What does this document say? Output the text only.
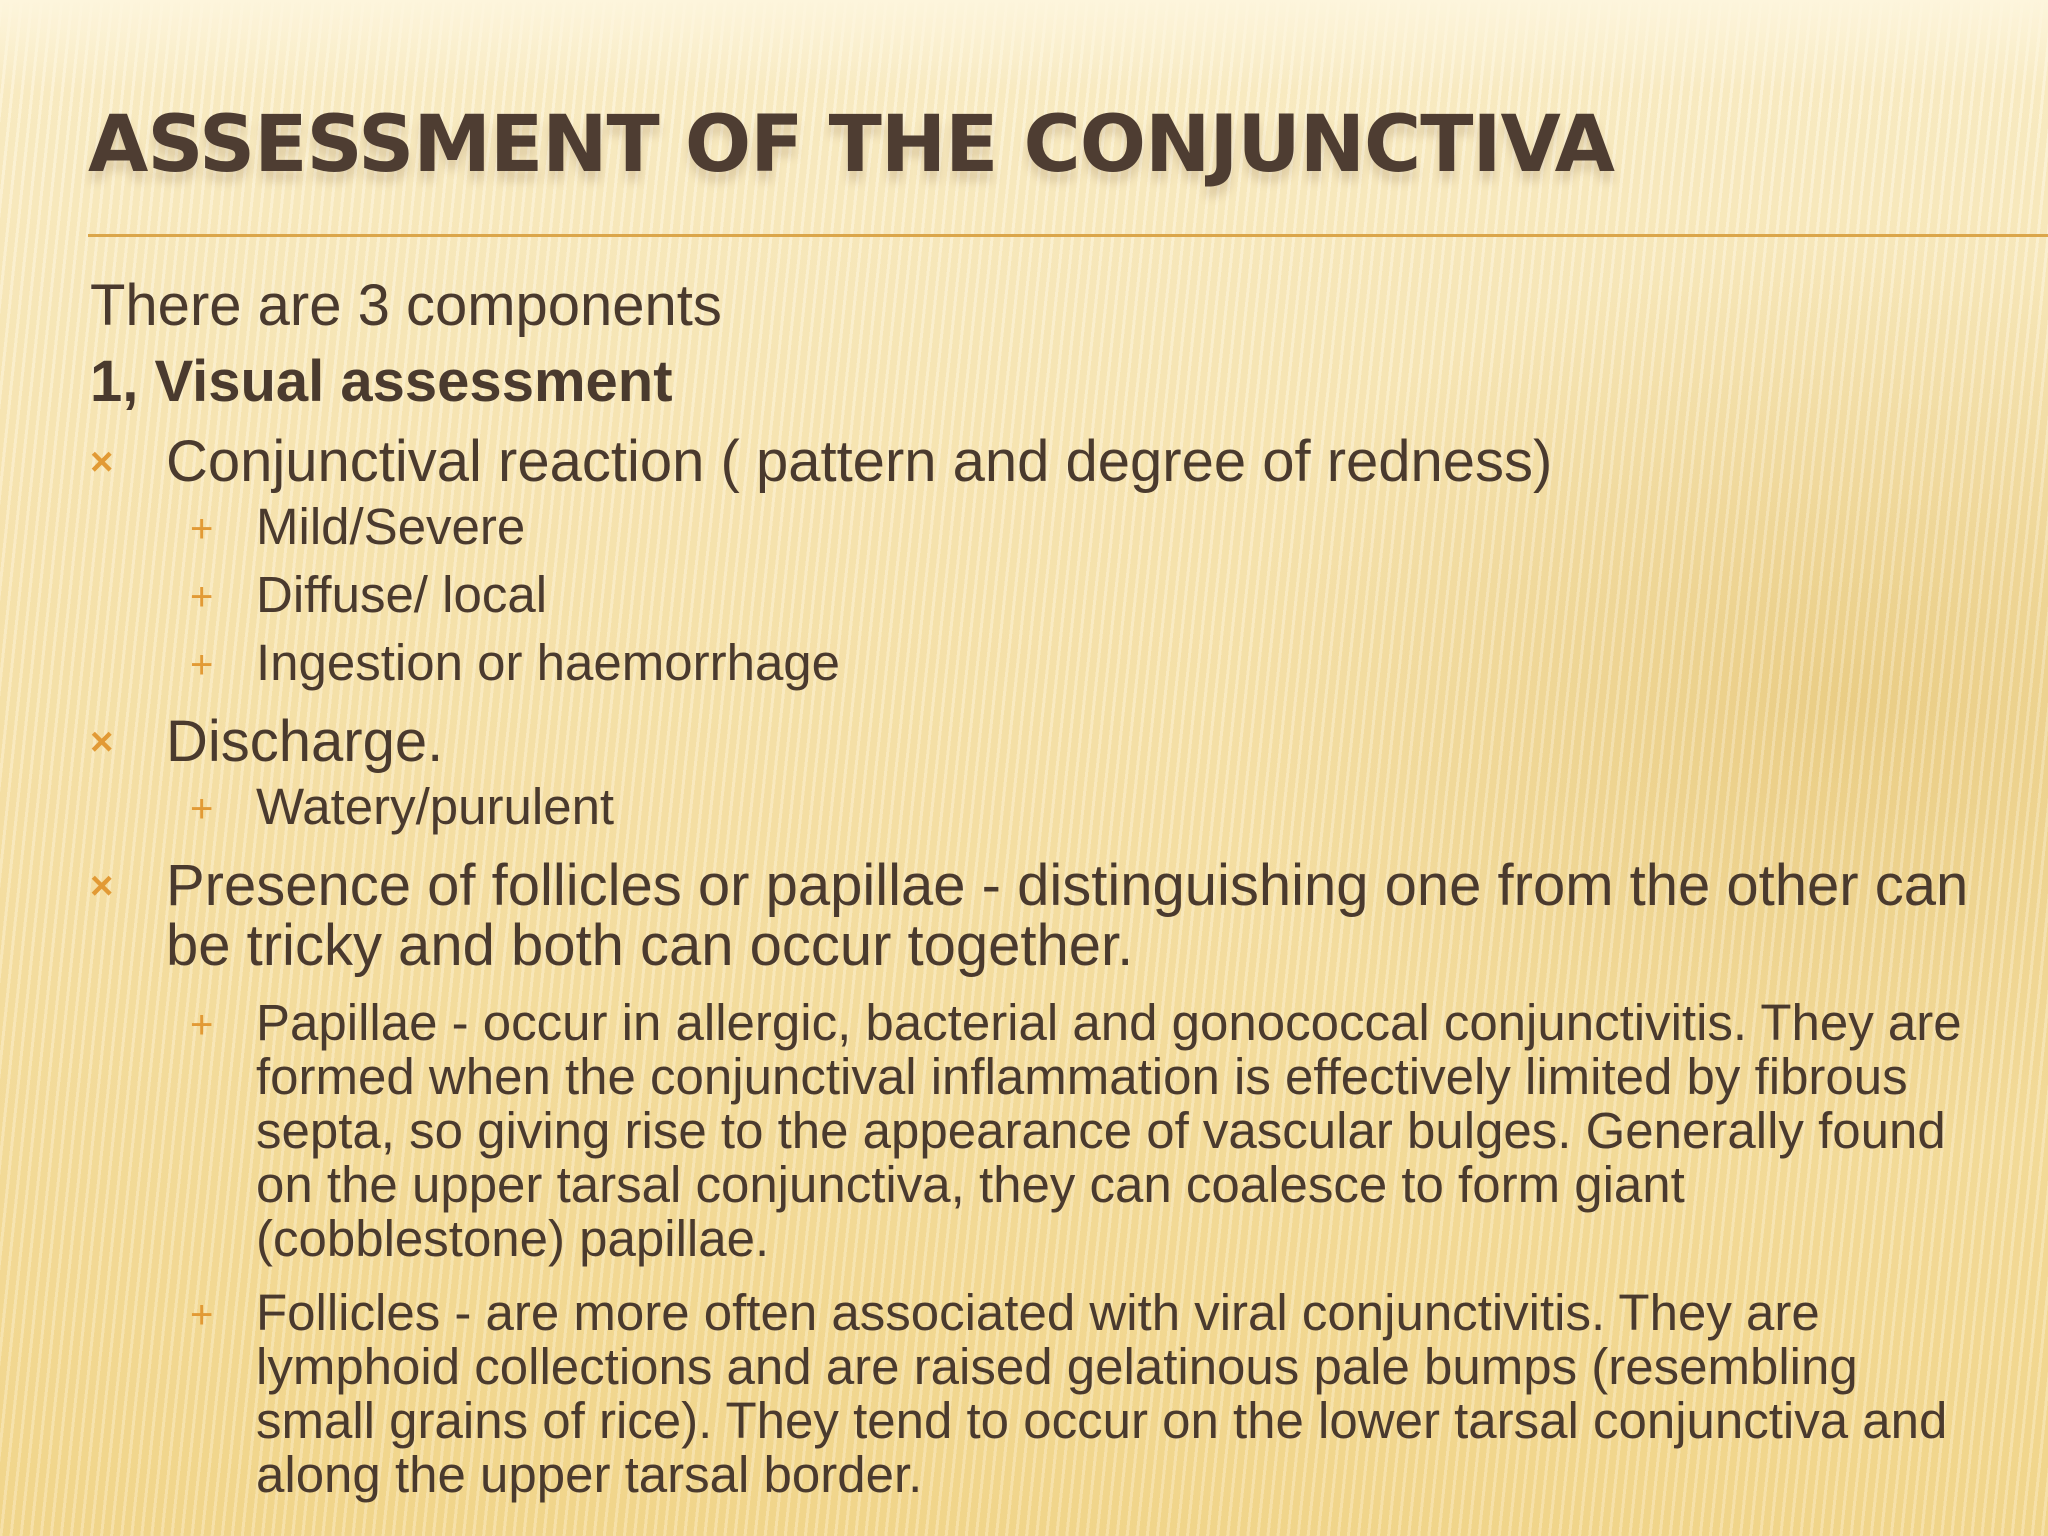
ASSESSMENT OF THE CONJUNCTIVA

There are 3 components

1, Visual assessment

× Conjunctival reaction ( pattern and degree of redness)
+ Mild/Severe
+ Diffuse/ local
+ Ingestion or haemorrhage
× Discharge.
+ Watery/purulent
× Presence of follicles or papillae - distinguishing one from the other can be tricky and both can occur together.
+ Papillae - occur in allergic, bacterial and gonococcal conjunctivitis. They are formed when the conjunctival inflammation is effectively limited by fibrous septa, so giving rise to the appearance of vascular bulges. Generally found on the upper tarsal conjunctiva, they can coalesce to form giant (cobblestone) papillae.
+ Follicles - are more often associated with viral conjunctivitis. They are lymphoid collections and are raised gelatinous pale bumps (resembling small grains of rice). They tend to occur on the lower tarsal conjunctiva and along the upper tarsal border.
